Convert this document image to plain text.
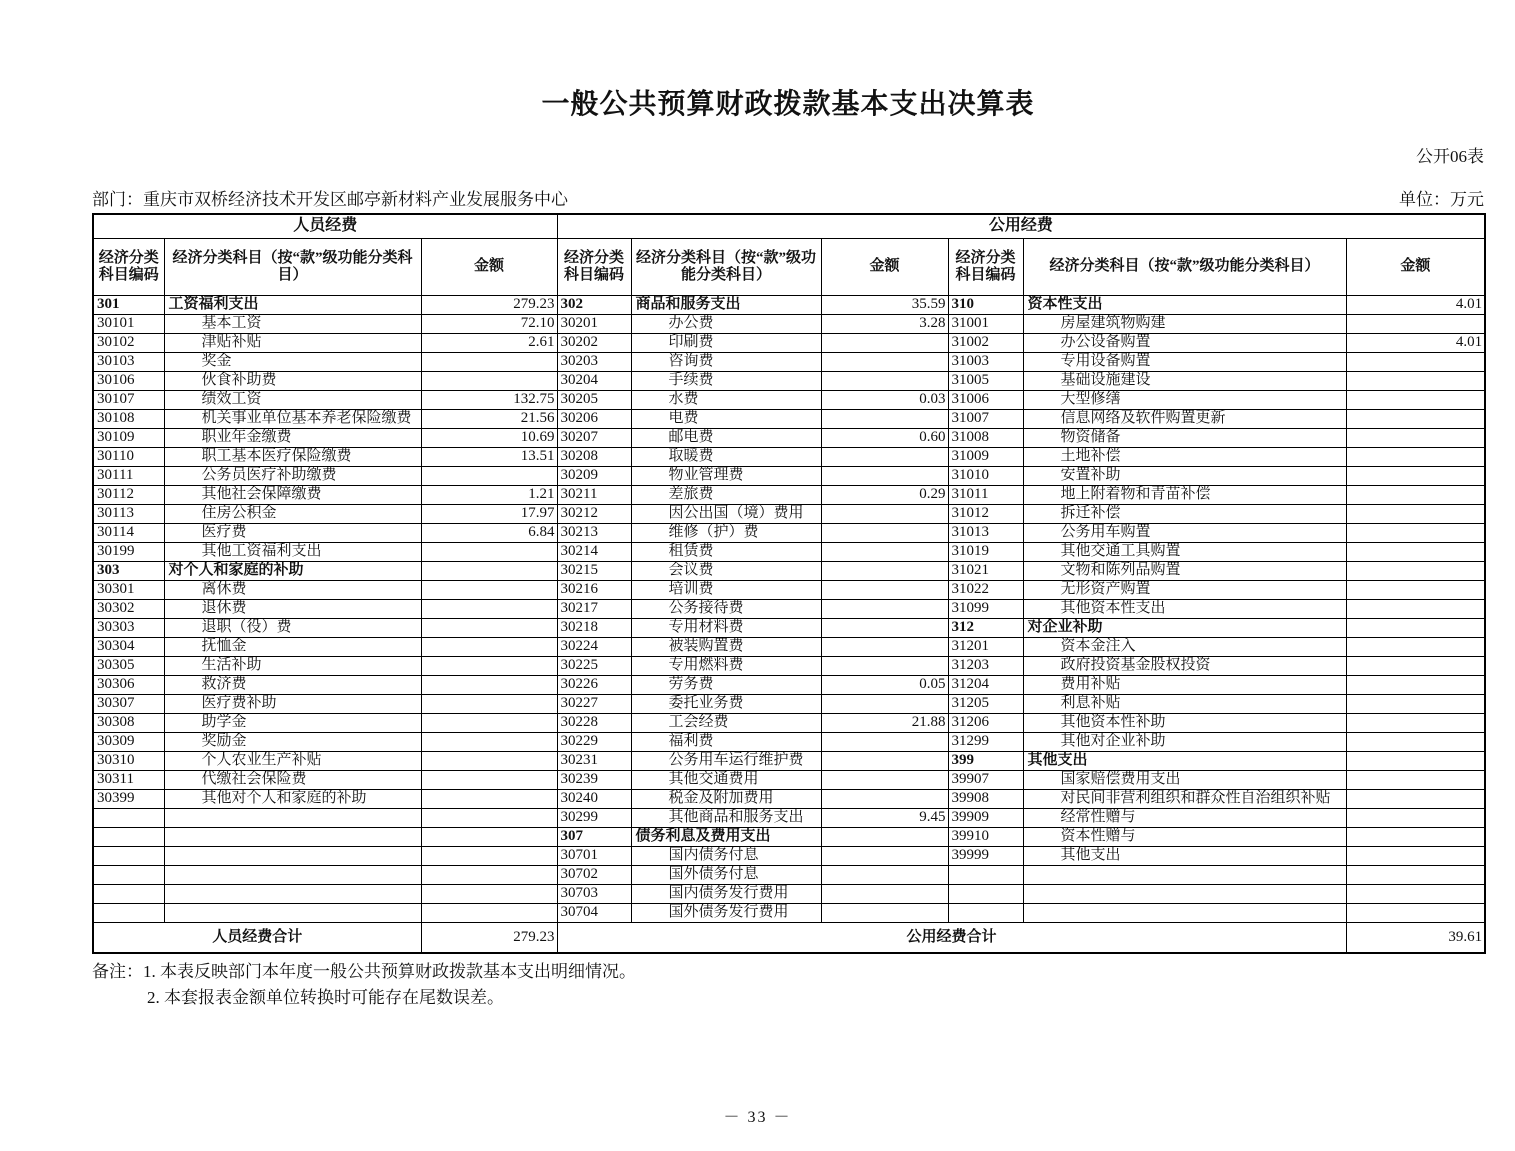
一般公共预算财政拨款基本支出决算表
公开06表
部门：重庆市双桥经济技术开发区邮亭新材料产业发展服务中心	单位：万元
人员经费			公用经费					
经济分类科目编码	经济分类科目（按“款”级功能分类科目）	金额	经济分类科目编码	经济分类科目（按“款”级功能分类科目）	金额	经济分类科目编码	经济分类科目（按“款”级功能分类科目）	金额
301	工资福利支出	279.23	302	商品和服务支出	35.59	310	资本性支出	4.01
30101	基本工资	72.10	30201	办公费	3.28	31001	房屋建筑物购建	
30102	津贴补贴	2.61	30202	印刷费		31002	办公设备购置	4.01
30103	奖金		30203	咨询费		31003	专用设备购置	
30106	伙食补助费		30204	手续费		31005	基础设施建设	
30107	绩效工资	132.75	30205	水费	0.03	31006	大型修缮	
30108	机关事业单位基本养老保险缴费	21.56	30206	电费		31007	信息网络及软件购置更新	
30109	职业年金缴费	10.69	30207	邮电费	0.60	31008	物资储备	
30110	职工基本医疗保险缴费	13.51	30208	取暖费		31009	土地补偿	
30111	公务员医疗补助缴费		30209	物业管理费		31010	安置补助	
30112	其他社会保障缴费	1.21	30211	差旅费	0.29	31011	地上附着物和青苗补偿	
30113	住房公积金	17.97	30212	因公出国（境）费用		31012	拆迁补偿	
30114	医疗费	6.84	30213	维修（护）费		31013	公务用车购置	
30199	其他工资福利支出		30214	租赁费		31019	其他交通工具购置	
303	对个人和家庭的补助		30215	会议费		31021	文物和陈列品购置	
30301	离休费		30216	培训费		31022	无形资产购置	
30302	退休费		30217	公务接待费		31099	其他资本性支出	
30303	退职（役）费		30218	专用材料费		312	对企业补助	
30304	抚恤金		30224	被装购置费		31201	资本金注入	
30305	生活补助		30225	专用燃料费		31203	政府投资基金股权投资	
30306	救济费		30226	劳务费	0.05	31204	费用补贴	
30307	医疗费补助		30227	委托业务费		31205	利息补贴	
30308	助学金		30228	工会经费	21.88	31206	其他资本性补助	
30309	奖励金		30229	福利费		31299	其他对企业补助	
30310	个人农业生产补贴		30231	公务用车运行维护费		399	其他支出	
30311	代缴社会保险费		30239	其他交通费用		39907	国家赔偿费用支出	
30399	其他对个人和家庭的补助		30240	税金及附加费用		39908	对民间非营利组织和群众性自治组织补贴	
			30299	其他商品和服务支出	9.45	39909	经常性赠与	
			307	债务利息及费用支出		39910	资本性赠与	
			30701	国内债务付息		39999	其他支出	
			30702	国外债务付息				
			30703	国内债务发行费用				
			30704	国外债务发行费用				
人员经费合计		279.23	公用经费合计					39.61
备注：1. 本表反映部门本年度一般公共预算财政拨款基本支出明细情况。
2. 本套报表金额单位转换时可能存在尾数误差。
－ 33 －
